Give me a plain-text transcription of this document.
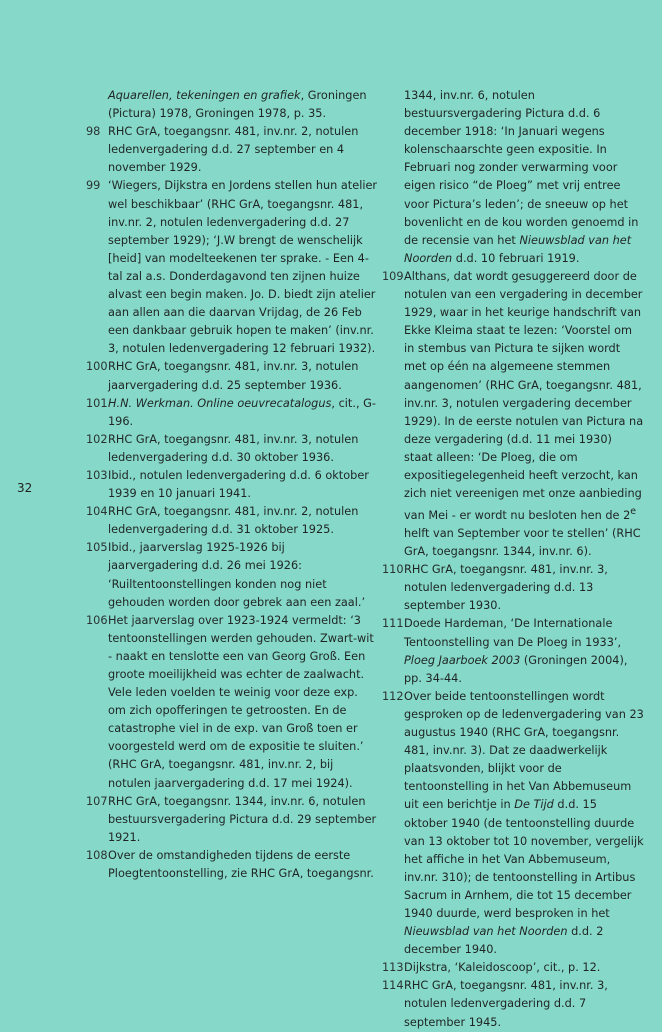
32
Aquarellen, tekeningen en grafiek, Groningen (Pictura) 1978, Groningen 1978, p. 35.
98 RHC GrA, toegangsnr. 481, inv.nr. 2, notulen ledenvergadering d.d. 27 september en 4 november 1929.
99 ‘Wiegers, Dijkstra en Jordens stellen hun atelier wel beschikbaar’ (RHC GrA, toegangsnr. 481, inv.nr. 2, notulen ledenvergadering d.d. 27 september 1929); ‘J.W brengt de wenschelijk [heid] van modelteekenen ter sprake. - Een 4-tal zal a.s. Donderdagavond ten zijnen huize alvast een begin maken. Jo. D. biedt zijn atelier aan allen aan die daarvan Vrijdag, de 26 Feb een dankbaar gebruik hopen te maken’ (inv.nr. 3, notulen ledenvergadering 12 februari 1932).
100 RHC GrA, toegangsnr. 481, inv.nr. 3, notulen jaarvergadering d.d. 25 september 1936.
101 H.N. Werkman. Online oeuvrecatalogus, cit., G-196.
102 RHC GrA, toegangsnr. 481, inv.nr. 3, notulen ledenvergadering d.d. 30 oktober 1936.
103 Ibid., notulen ledenvergadering d.d. 6 oktober 1939 en 10 januari 1941.
104 RHC GrA, toegangsnr. 481, inv.nr. 2, notulen ledenvergadering d.d. 31 oktober 1925.
105 Ibid., jaarverslag 1925-1926 bij jaarvergadering d.d. 26 mei 1926: ‘Ruiltentoonstellingen konden nog niet gehouden worden door gebrek aan een zaal.’
106 Het jaarverslag over 1923-1924 vermeldt: ‘3 tentoonstellingen werden gehouden. Zwart-wit - naakt en tenslotte een van Georg Groß. Een groote moeilijkheid was echter de zaalwacht. Vele leden voelden te weinig voor deze exp. om zich opofferingen te getroosten. En de catastrophe viel in de exp. van Groß toen er voorgesteld werd om de expositie te sluiten.’ (RHC GrA, toegangsnr. 481, inv.nr. 2, bij notulen jaarvergadering d.d. 17 mei 1924).
107 RHC GrA, toegangsnr. 1344, inv.nr. 6, notulen bestuursvergadering Pictura d.d. 29 september 1921.
108 Over de omstandigheden tijdens de eerste Ploegtentoonstelling, zie RHC GrA, toegangsnr.
1344, inv.nr. 6, notulen bestuursvergadering Pictura d.d. 6 december 1918: ‘In Januari wegens kolenschaarschte geen expositie. In Februari nog zonder verwarming voor eigen risico “de Ploeg” met vrij entree voor Pictura’s leden’; de sneeuw op het bovenlicht en de kou worden genoemd in de recensie van het Nieuwsblad van het Noorden d.d. 10 februari 1919.
109 Althans, dat wordt gesuggereerd door de notulen van een vergadering in december 1929, waar in het keurige handschrift van Ekke Kleima staat te lezen: ‘Voorstel om in stembus van Pictura te sijken wordt met op één na algemeene stemmen aangenomen’ (RHC GrA, toegangsnr. 481, inv.nr. 3, notulen vergadering december 1929). In de eerste notulen van Pictura na deze vergadering (d.d. 11 mei 1930) staat alleen: ‘De Ploeg, die om expositiegelegenheid heeft verzocht, kan zich niet vereenigen met onze aanbieding van Mei - er wordt nu besloten hen de 2e helft van September voor te stellen’ (RHC GrA, toegangsnr. 1344, inv.nr. 6).
110 RHC GrA, toegangsnr. 481, inv.nr. 3, notulen ledenvergadering d.d. 13 september 1930.
111 Doede Hardeman, ‘De Internationale Tentoonstelling van De Ploeg in 1933’, Ploeg Jaarboek 2003 (Groningen 2004), pp. 34-44.
112 Over beide tentoonstellingen wordt gesproken op de ledenvergadering van 23 augustus 1940 (RHC GrA, toegangsnr. 481, inv.nr. 3). Dat ze daadwerkelijk plaatsvonden, blijkt voor de tentoonstelling in het Van Abbemuseum uit een berichtje in De Tijd d.d. 15 oktober 1940 (de tentoonstelling duurde van 13 oktober tot 10 november, vergelijk het affiche in het Van Abbemuseum, inv.nr. 310); de tentoonstelling in Artibus Sacrum in Arnhem, die tot 15 december 1940 duurde, werd besproken in het Nieuwsblad van het Noorden d.d. 2 december 1940.
113 Dijkstra, ‘Kaleidoscoop’, cit., p. 12.
114 RHC GrA, toegangsnr. 481, inv.nr. 3, notulen ledenvergadering d.d. 7 september 1945.
